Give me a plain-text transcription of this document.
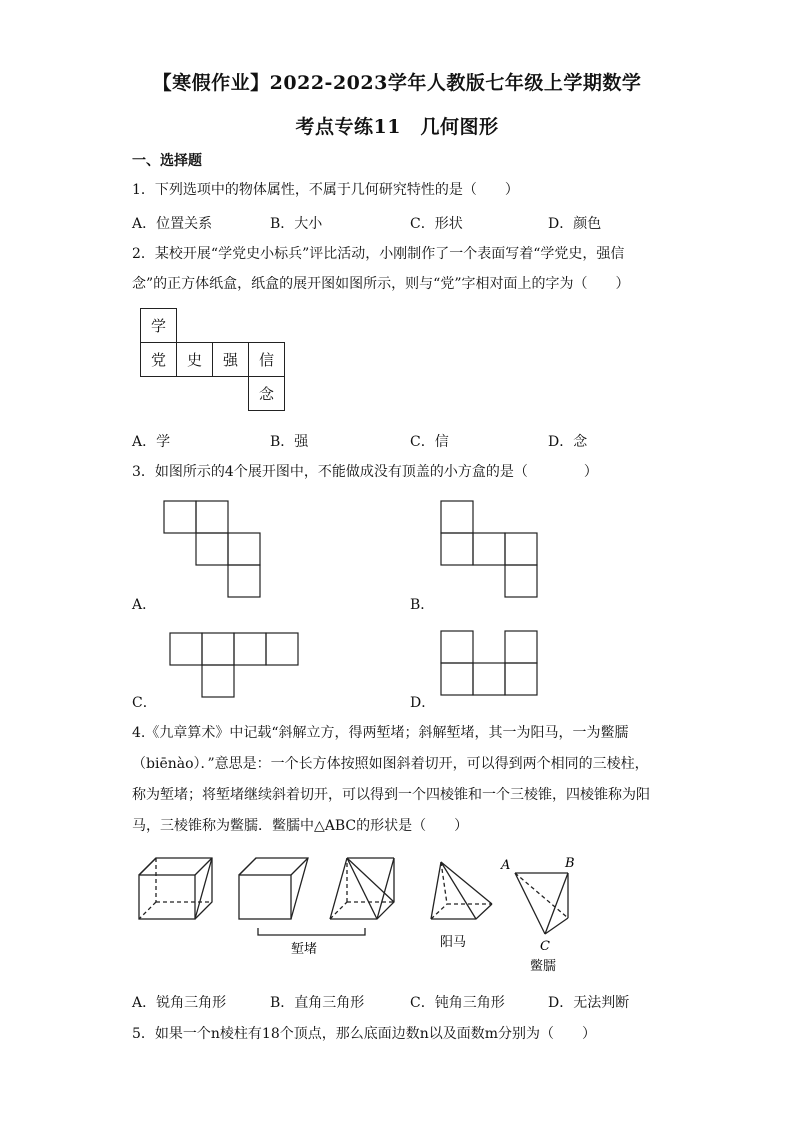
【寒假作业】2022-2023学年人教版七年级上学期数学
考点专练11　几何图形
一、选择题
1．下列选项中的物体属性，不属于几何研究特性的是（　　）
A．位置关系	B．大小	C．形状	D．颜色
2．某校开展“学党史小标兵”评比活动，小刚制作了一个表面写着“学党史，强信
念”的正方体纸盒，纸盒的展开图如图所示，则与“党”字相对面上的字为（　　）
学			
党	史	强	信
			念
A．学	B．强	C．信	D．念
3．如图所示的4个展开图中，不能做成没有顶盖的小方盒的是（　　　　）
A．	B．
C．	D．
4.《九章算术》中记载“斜解立方，得两堑堵；斜解堑堵，其一为阳马，一为鳖臑
（biēnào）．”意思是：一个长方体按照如图斜着切开，可以得到两个相同的三棱柱，
称为堑堵；将堑堵继续斜着切开，可以得到一个四棱锥和一个三棱锥，四棱锥称为阳
马，三棱锥称为鳖臑．鳖臑中△ABC的形状是（　　）
堑堵	阳马
鳖臑
A	B
C
A．锐角三角形	B．直角三角形	C．钝角三角形	D．无法判断
5．如果一个n棱柱有18个顶点，那么底面边数n以及面数m分别为（　　）
